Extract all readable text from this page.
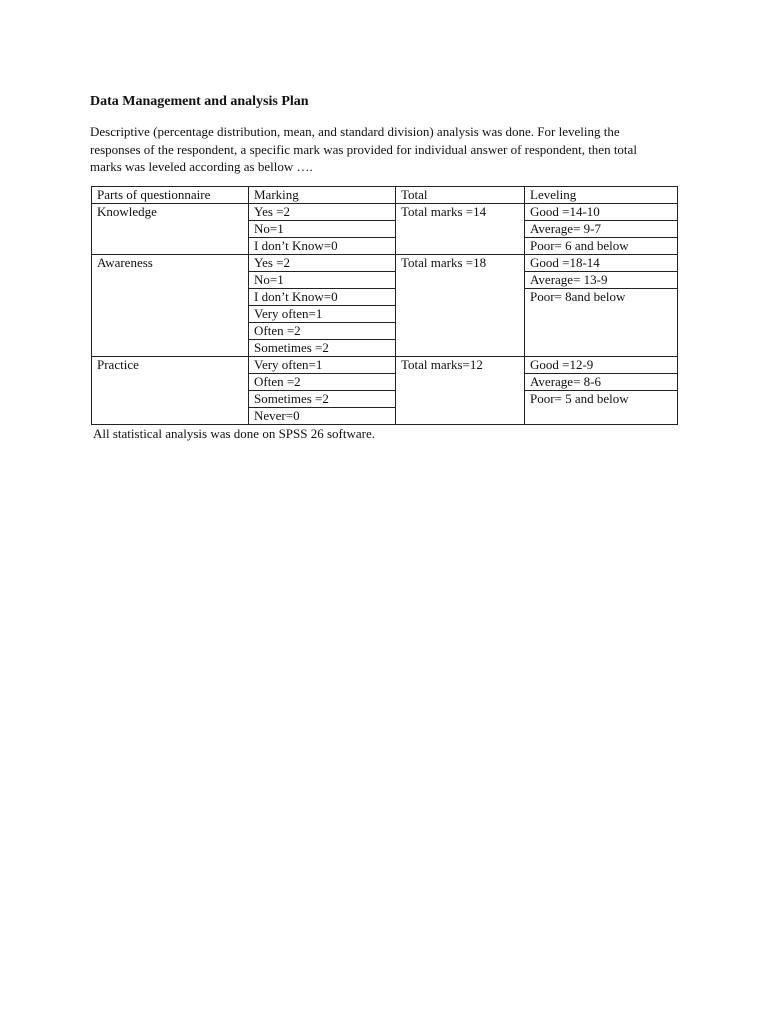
Data Management and analysis Plan
Descriptive (percentage distribution, mean, and standard division) analysis was done. For leveling the
responses of the respondent, a specific mark was provided for individual answer of respondent, then total
marks was leveled according as bellow ….
Parts of questionnaire	Marking	Total	Leveling
Knowledge	Yes =2	Total marks =14	Good =14-10
	No=1		Average= 9-7
	I don’t Know=0		Poor= 6 and below
Awareness	Yes =2	Total marks =18	Good =18-14
	No=1		Average= 13-9
	I don’t Know=0		Poor= 8and below
	Very often=1		
	Often =2		
	Sometimes =2		
Practice	Very often=1	Total marks=12	Good =12-9
	Often =2		Average= 8-6
	Sometimes =2		Poor= 5 and below
	Never=0		
All statistical analysis was done on SPSS 26 software.
